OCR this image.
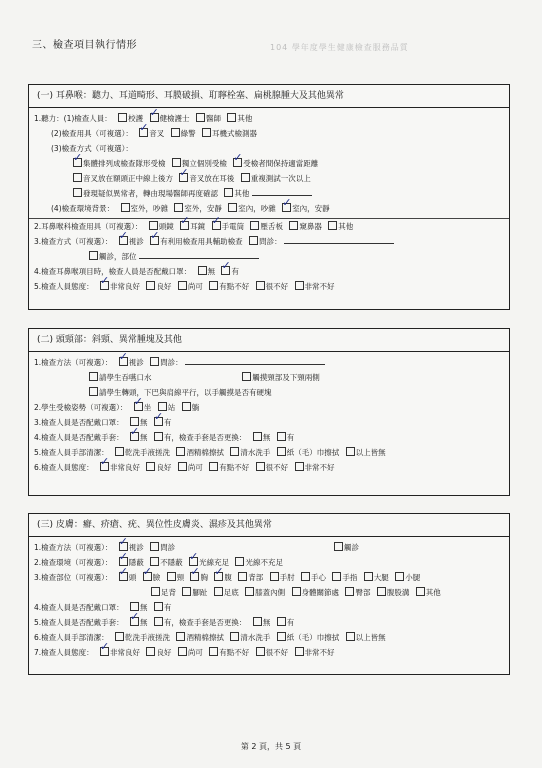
104 學年度學生健康檢查服務品質
三、檢查項目執行情形
(一) 耳鼻喉：聽力、耳道畸形、耳膜破損、耵聹栓塞、扁桃腺腫大及其他異常
1.聽力：(1)檢查人員： 校護 ✓ 健檢護士 醫師 其他
(2)檢查用具（可複選）： ✓ 音叉 綠警 耳機式檢測器
(3)檢查方式（可複選）：
✓集體排列成檢查隊形受檢 獨立個別受檢 ✓ 受檢者間保持適當距離
音叉放在額頭正中線上後方 ✓ 音叉放在耳後 重複測試一次以上
發現疑似異常者，轉由現場醫師再度確認 其他
(4)檢查環境背景： 室外，吵雜 室外，安靜 室內，吵雜 ✓ 室內，安靜
2.耳鼻喉科檢查用具（可複選）： 頭鏡 ✓ 耳鏡 ✓ 手電筒 壓舌板 窺鼻器 其他
3.檢查方式（可複選）： ✓ 視診 ✓ 有利用檢查用具輔助檢查 問診：
觸診，部位
4.檢查耳鼻喉項目時，檢查人員是否配戴口罩： 無 ✓ 有
5.檢查人員態度： ✓ 非常良好 良好 尚可 有點不好 很不好 非常不好
(二) 頭頸部：斜頸、異常腫塊及其他
1.檢查方法（可複選）： ✓ 視診 問診：
請學生吞嚥口水	觸摸頸部及下頸兩側
請學生轉頭，下巴與肩線平行，以手觸摸是否有硬塊
2.學生受檢姿勢（可複選）： ✓ 坐 站 躺
3.檢查人員是否配戴口罩： 無 ✓ 有
4.檢查人員是否配戴手套： ✓ 無 有，檢查手套是否更換： 無 有
5.檢查人員手部清潔： 乾洗手液搓洗 酒精棉擦拭 清水洗手 紙（毛）巾擦拭 以上皆無
6.檢查人員態度： ✓ 非常良好 良好 尚可 有點不好 很不好 非常不好
(三) 皮膚：癬、疥瘡、疣、異位性皮膚炎、濕疹及其他異常
1.檢查方法（可複選）： ✓ 視診 問診	觸診
2.檢查環境（可複選）： ✓ 隱蔽 不隱蔽 ✓ 光線充足 光線不充足
3.檢查部位（可複選）： ✓ 頭 ✓ 臉 頸 ✓ 胸 ✓ 腹 背部 手肘 手心 手指 大腿 小腿
足背 腳趾 足底 膝蓋內側 身體關節處 臀部 腹股溝 其他
4.檢查人員是否配戴口罩： 無 有
5.檢查人員是否配戴手套： ✓ 無 有，檢查手套是否更換： 無 有
6.檢查人員手部清潔： 乾洗手液搓洗 酒精棉擦拭 清水洗手 紙（毛）巾擦拭 以上皆無
7.檢查人員態度： ✓ 非常良好 良好 尚可 有點不好 很不好 非常不好
第 2 頁，共 5 頁
